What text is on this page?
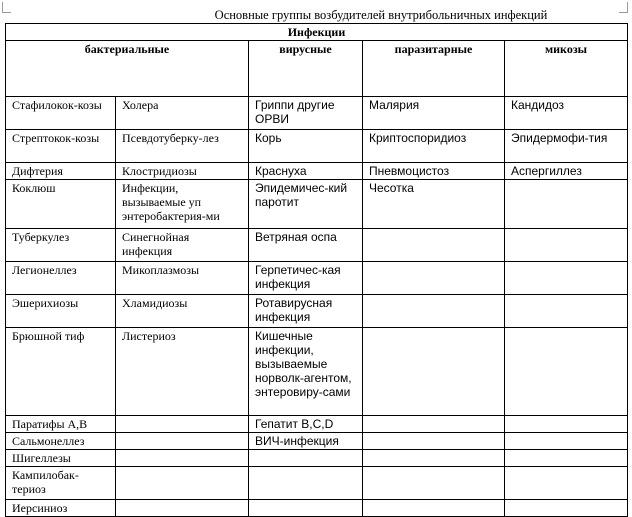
Основные группы возбудителей внутрибольничных инфекций
Инфекции				
бактериальные		вирусные	паразитарные	микозы
Стафилокок-козы	Холера	Гриппи другие ОРВИ	Малярия	Кандидоз
Стрептокок-козы	Псевдотуберку-лез	Корь	Криптоспоридиоз	Эпидермофи-тия
Дифтерия	Клостридиозы	Краснуха	Пневмоцистоз	Аспергиллез
Коклюш	Инфекции, вызываемые уп энтеробактерия-ми	Эпидемичес-кий паротит	Чесотка	
Туберкулез	Синегнойная инфекция	Ветряная оспа		
Легионеллез	Микоплазмозы	Герпетичес-кая инфекция		
Эшерихиозы	Хламидиозы	Ротавирусная инфекция		
Брюшной тиф	Листериоз	Кишечные инфекции, вызываемые норволк-агентом, энтеровиру-сами		
Паратифы А,В		Гепатит В,С,D		
Сальмонеллез		ВИЧ-инфекция		
Шигеллезы				
Кампилобак-териоз				
Иерсиниоз				
